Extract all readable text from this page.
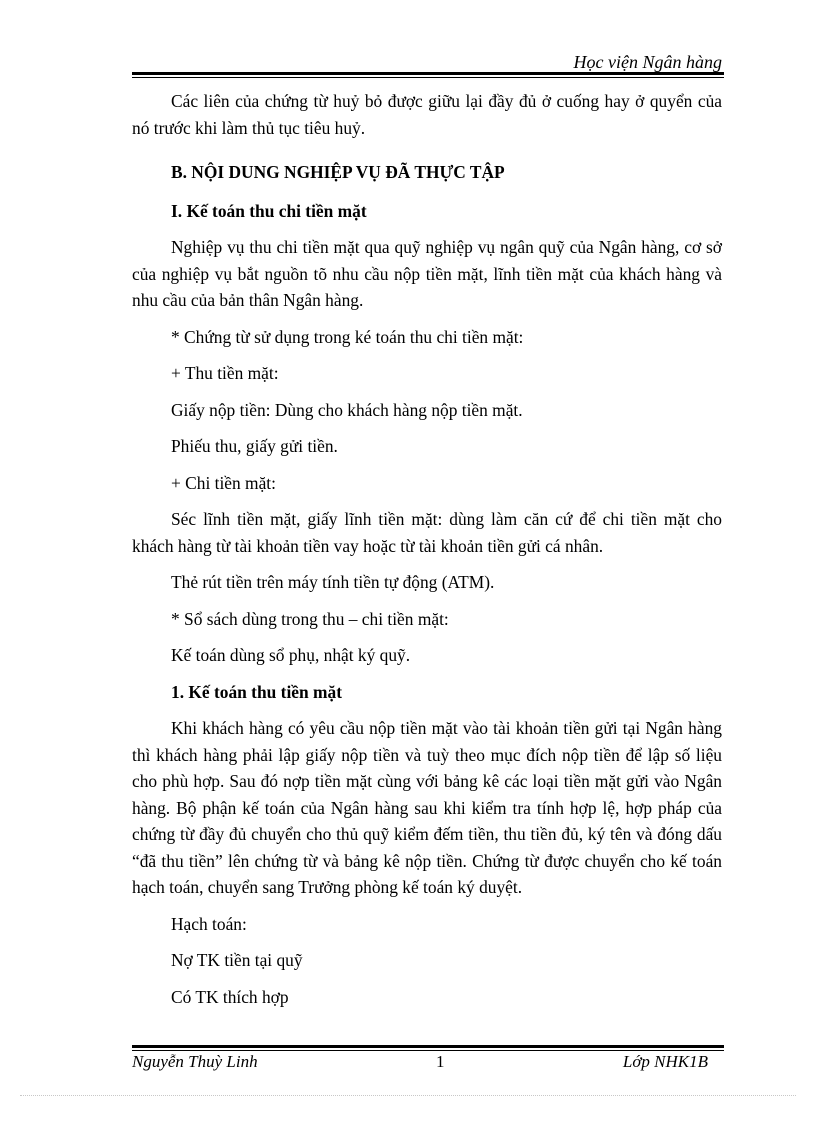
Học viện Ngân hàng

Các liên của chứng từ huỷ bỏ được giữu lại đầy đủ ở cuống hay ở quyển của nó trước khi làm thủ tục tiêu huỷ.

B. NỘI DUNG NGHIỆP VỤ ĐÃ THỰC TẬP

I. Kế toán thu chi tiền mặt

Nghiệp vụ thu chi tiền mặt qua quỹ nghiệp vụ ngân quỹ của Ngân hàng, cơ sở của nghiệp vụ bắt nguồn tõ nhu cầu nộp tiền mặt, lĩnh tiền mặt của khách hàng và nhu cầu của bản thân Ngân hàng.

* Chứng từ sử dụng trong ké toán thu chi tiền mặt:

+ Thu tiền mặt:

Giấy nộp tiền: Dùng cho khách hàng nộp tiền mặt.

Phiếu thu, giấy gửi tiền.

+ Chi tiền mặt:

Séc lĩnh tiền mặt, giấy lĩnh tiền mặt: dùng làm căn cứ để chi tiền mặt cho khách hàng từ tài khoản tiền vay hoặc từ tài khoản tiền gửi cá nhân.

Thẻ rút tiền trên máy tính tiền tự động (ATM).

* Sổ sách dùng trong thu – chi tiền mặt:

Kế toán dùng sổ phụ, nhật ký quỹ.

1. Kế toán thu tiền mặt

Khi khách hàng có yêu cầu nộp tiền mặt vào tài khoản tiền gửi tại Ngân hàng thì khách hàng phải lập giấy nộp tiền và tuỳ theo mục đích nộp tiền để lập số liệu cho phù hợp. Sau đó nợp tiền mặt cùng với bảng kê các loại tiền mặt gửi vào Ngân hàng. Bộ phận kế toán của Ngân hàng sau khi kiểm tra tính hợp lệ, hợp pháp của chứng từ đầy đủ chuyển cho thủ quỹ kiểm đếm tiền, thu tiền đủ, ký tên và đóng dấu “đã thu tiền” lên chứng từ và bảng kê nộp tiền. Chứng từ được chuyển cho kế toán hạch toán, chuyển sang Trưởng phòng kế toán ký duyệt.

Hạch toán:

Nợ TK tiền tại quỹ

Có TK thích hợp

Nguyễn Thuỳ Linh	1	Lớp NHK1B
